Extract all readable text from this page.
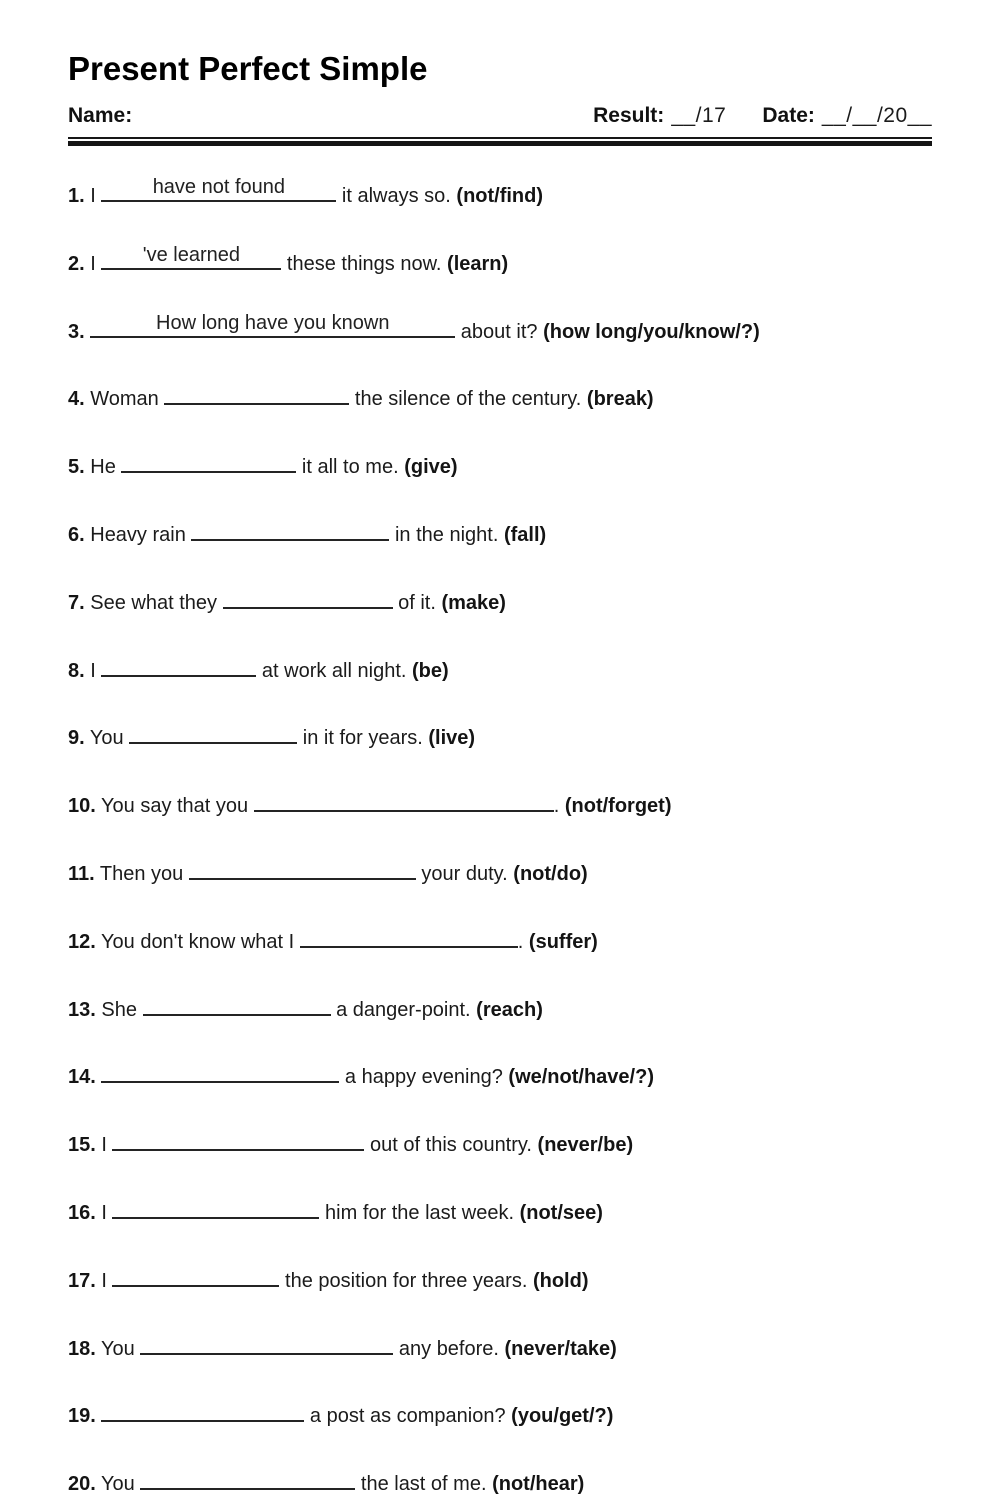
Present Perfect Simple
Name:	Result: __/17 Date: __/__/20__
1. I	have not found	it always so. (not/find)
2. I 've learned these things now. (learn)
3.	How long have you known	about it? (how long/you/know/?)
4. Woman	the silence of the century. (break)
5. He	it all to me. (give)
6. Heavy rain	in the night. (fall)
7. See what they	of it. (make)
8. I	at work all night. (be)
9. You	in it for years. (live)
10. You say that you	. (not/forget)
11. Then you	your duty. (not/do)
12. You don't know what I	. (suffer)
13. She	a danger-point. (reach)
14.	a happy evening? (we/not/have/?)
15. I	out of this country. (never/be)
16. I	him for the last week. (not/see)
17. I	the position for three years. (hold)
18. You	any before. (never/take)
19.	a post as companion? (you/get/?)
20. You	the last of me. (not/hear)
